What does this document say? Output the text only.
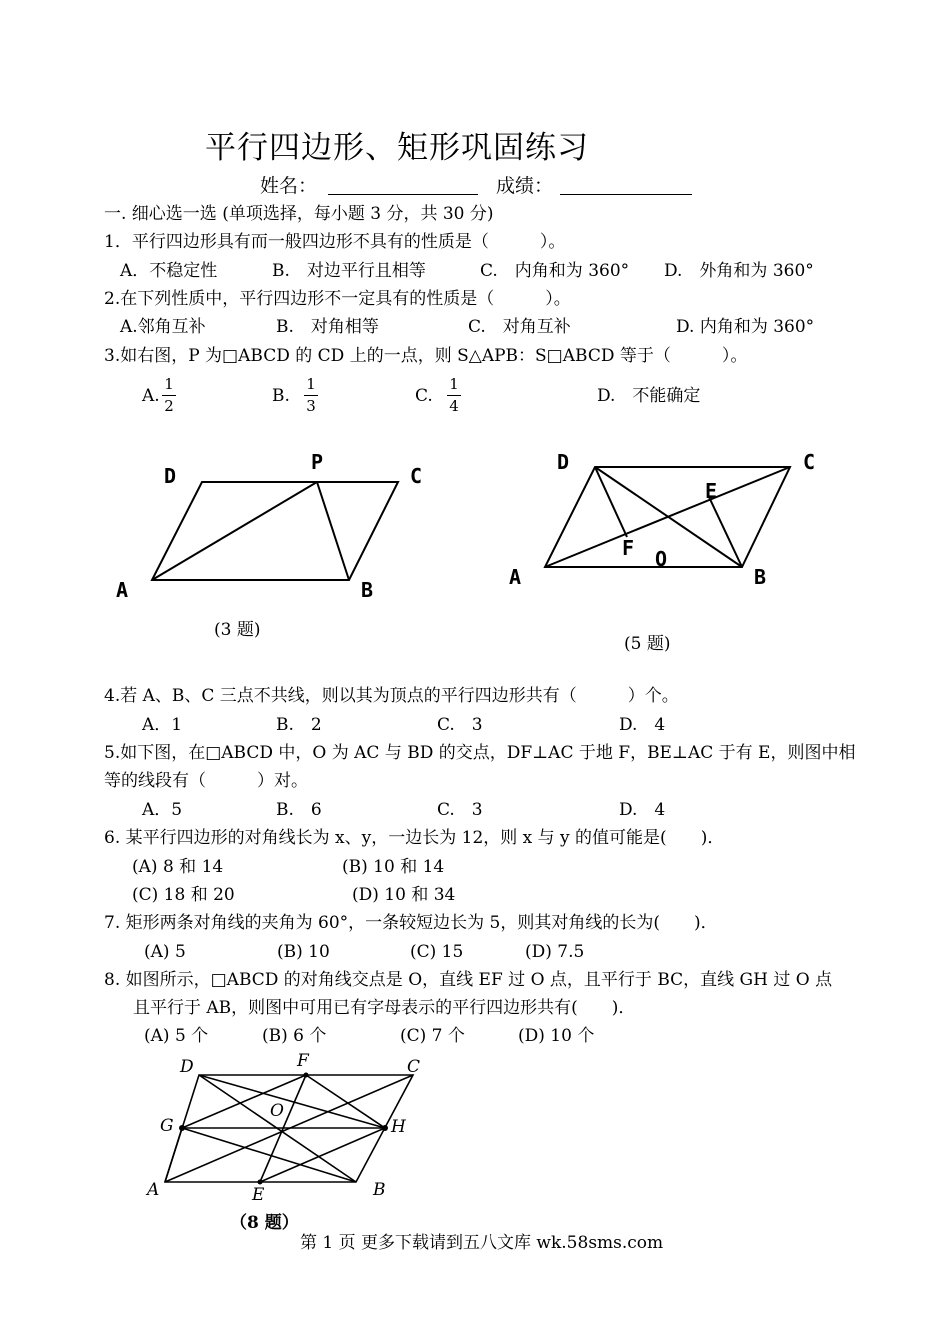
平行四边形、矩形巩固练习
姓名：	成绩：
一. 细心选一选 (单项选择，每小题 3 分，共 30 分)
1．平行四边形具有而一般四边形不具有的性质是（　　　）。
A．不稳定性	B.　对边平行且相等	C.　内角和为 360° D.　外角和为 360°
2.在下列性质中，平行四边形不一定具有的性质是（　　　）。
A.邻角互补	B.　对角相等	C.　对角互补	D. 内角和为 360°
3.如右图，P 为□ABCD 的 CD 上的一点，则 S△APB：S□ABCD 等于（　　　）。
A.
1
2	B.
1
3	C.
1
4	D.　不能确定
D
P
C
A	B
(3 题)
D	C
E
F O
A	B
(5 题)
4.若 A、B、C 三点不共线，则以其为顶点的平行四边形共有（　　　）个。
A．1	B.　2	C.　3	D.　4
5.如下图，在□ABCD 中，O 为 AC 与 BD 的交点，DF⊥AC 于地 F，BE⊥AC 于有 E，则图中相
等的线段有（　　　）对。
A．5	B.　6	C.　3	D.　4
6. 某平行四边形的对角线长为 x、y，一边长为 12，则 x 与 y 的值可能是(　　)．
(A) 8 和 14	(B) 10 和 14
(C) 18 和 20	(D) 10 和 34
7. 矩形两条对角线的夹角为 60°，一条较短边长为 5，则其对角线的长为(　　)．
(A) 5	(B) 10	(C) 15	(D) 7.5
8. 如图所示，□ABCD 的对角线交点是 O，直线 EF 过 O 点，且平行于 BC，直线 GH 过 O 点
且平行于 AB，则图中可用已有字母表示的平行四边形共有(　　)．
(A) 5 个	(B) 6 个	(C) 7 个	(D) 10 个
D	F	C
G
O
H
A	E	B
（8 题）
第 1 页 更多下载请到五八文库 wk.58sms.com
